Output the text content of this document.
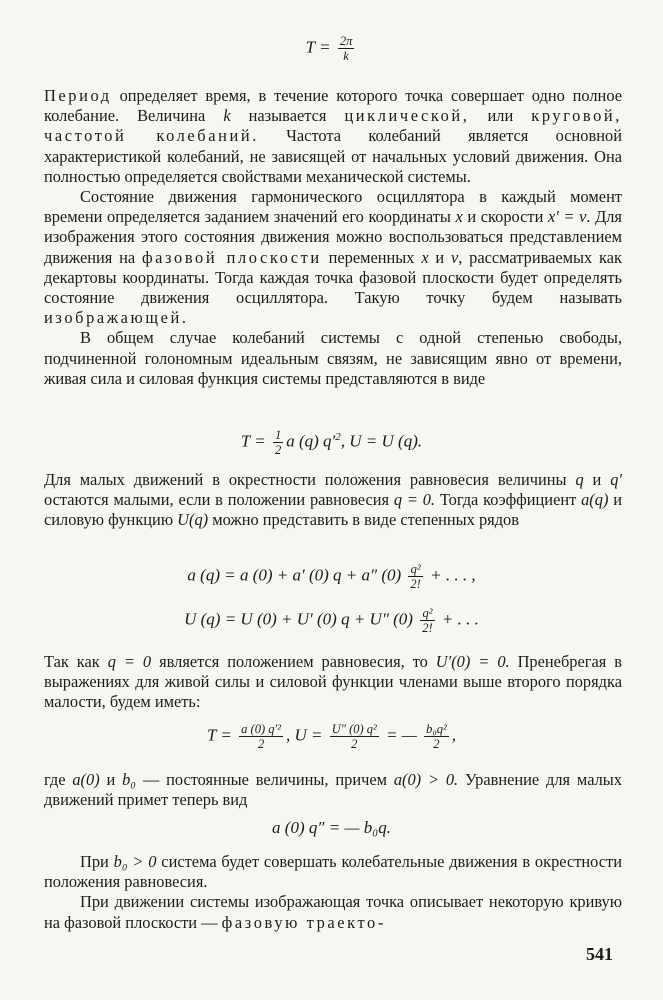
$T = \frac{2\pi}{k}$

Период определяет время, в течение которого точка совершает одно полное колебание. Величина k называется циклической, или круговой, частотой колебаний. Частота колебаний является основной характеристикой колебаний, не зависящей от начальных условий движения. Она полностью определяется свойствами механической системы.

Состояние движения гармонического осциллятора в каждый момент времени определяется заданием значений его координаты x и скорости x′ = v. Для изображения этого состояния движения можно воспользоваться представлением движения на фазовой плоскости переменных x и v, рассматриваемых как декартовы координаты. Тогда каждая точка фазовой плоскости будет определять состояние движения осциллятора. Такую точку будем называть изображающей.

В общем случае колебаний системы с одной степенью свободы, подчиненной голономным идеальным связям, не зависящим явно от времени, живая сила и силовая функция системы представляются в виде

$T = \frac{1}{2}$ a (q) $q'^2$, U = U (q).

Для малых движений в окрестности положения равновесия величины q и q′ остаются малыми, если в положении равновесия q = 0. Тогда коэффициент a(q) и силовую функцию U(q) можно представить в виде степенных рядов

a (q) = a (0) + a′ (0) q + a″ $(0) \frac{\text{q²}}{2!}$ + . . . ,
U (q) = U (0) + U′ (0) q + U″ $(0) \frac{\text{q²}}{2!}$ + . . .

Так как q = 0 является положением равновесия, то U′(0) = 0. Пренебрегая в выражениях для живой силы и силовой функции членами выше второго порядка малости, будем иметь:

$T = \frac{\text{a (0) q′²}}{2}$ , $U = \frac{\text{U″ (0) q²}}{2}$ = — $\frac{\text{b₀q²}}{2}$ ,

где a(0) и b₀ — постоянные величины, причем a(0) > 0. Уравнение для малых движений примет теперь вид

a (0) q″ = — b₀q.

При b₀ > 0 система будет совершать колебательные движения в окрестности положения равновесия.

При движении системы изображающая точка описывает некоторую кривую на фазовой плоскости — фазовую траекто-

541
